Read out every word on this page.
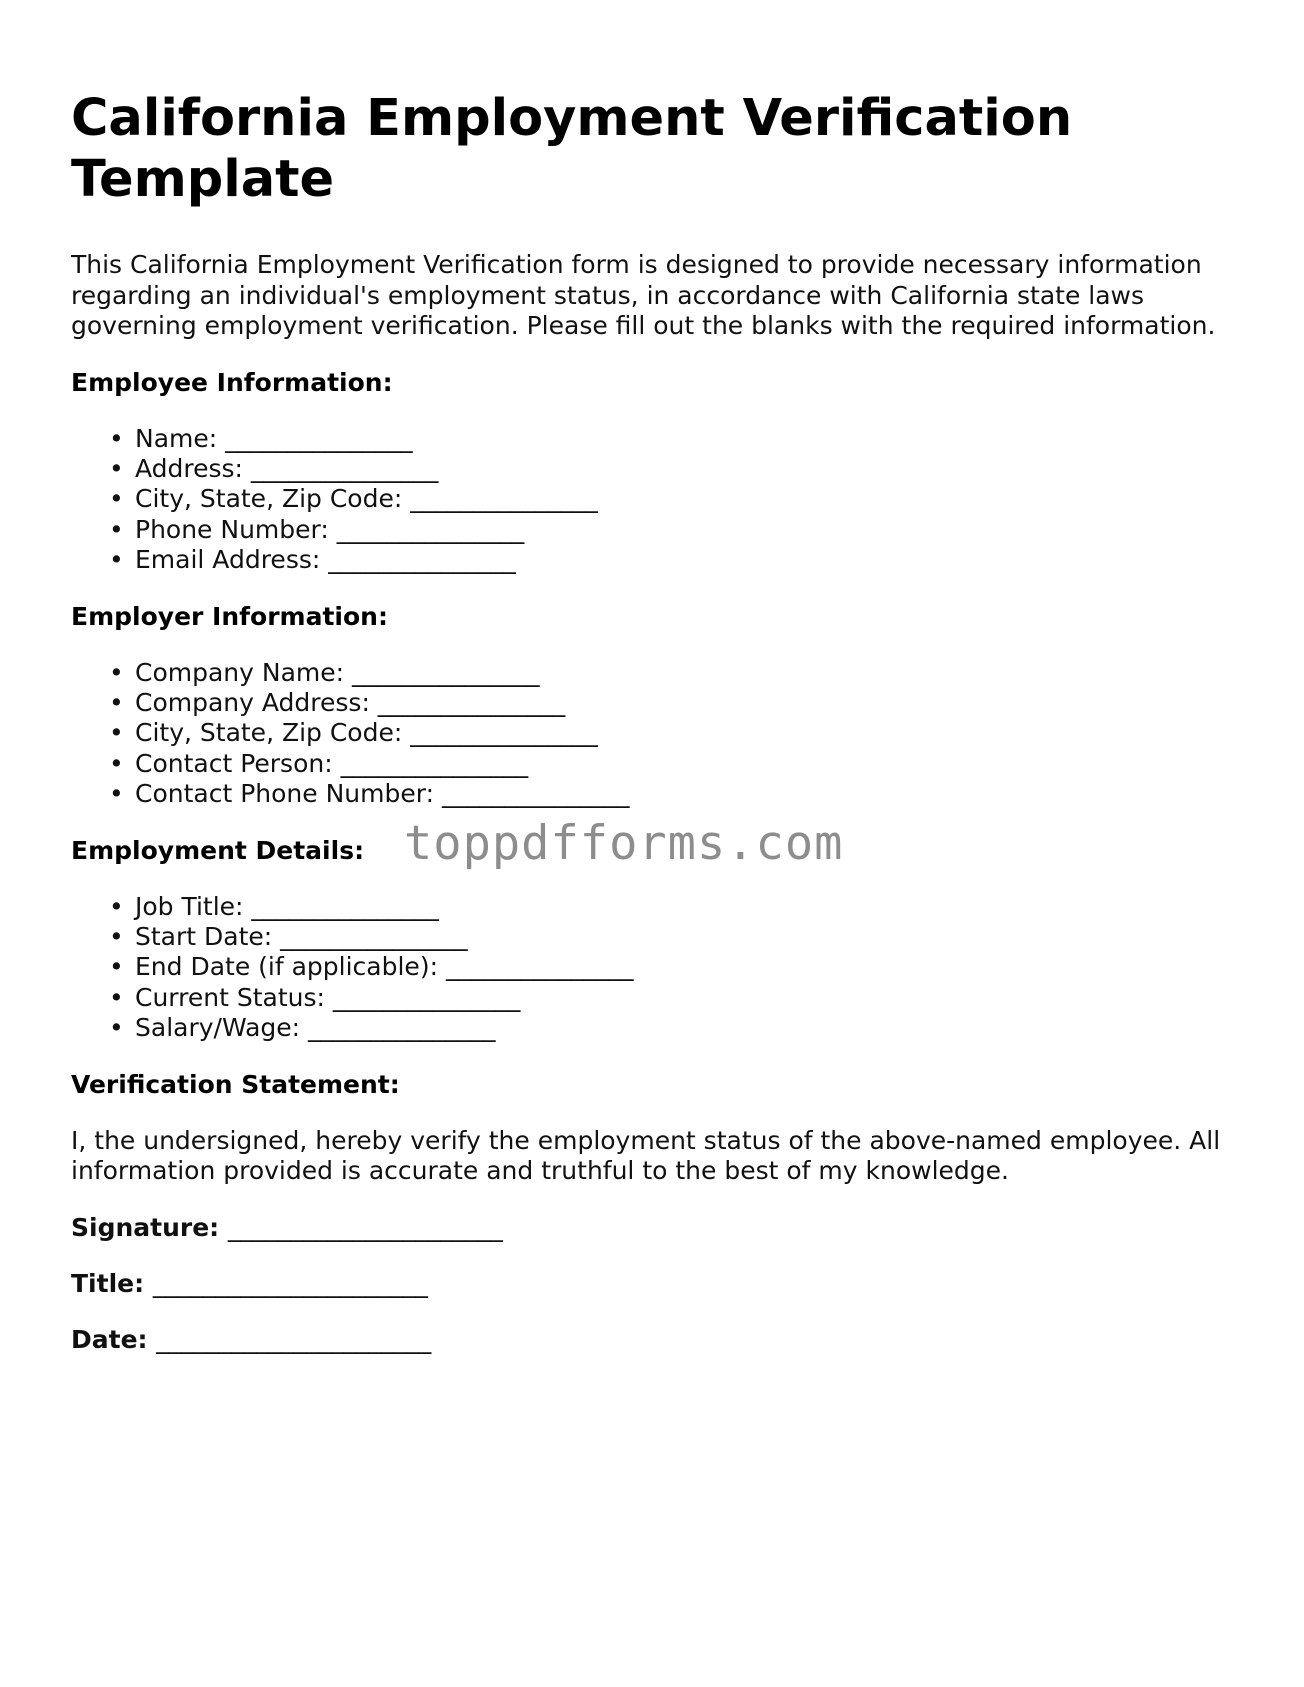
California Employment Verification Template

This California Employment Verification form is designed to provide necessary information regarding an individual's employment status, in accordance with California state laws governing employment verification. Please fill out the blanks with the required information.

Employee Information:
• Name: _______________
• Address: _______________
• City, State, Zip Code: _______________
• Phone Number: _______________
• Email Address: _______________
Employer Information:
• Company Name: _______________
• Company Address: _______________
• City, State, Zip Code: _______________
• Contact Person: _______________
• Contact Phone Number: _______________
Employment Details:
• Job Title: _______________
• Start Date: _______________
• End Date (if applicable): _______________
• Current Status: _______________
• Salary/Wage: _______________
Verification Statement:

I, the undersigned, hereby verify the employment status of the above-named employee. All information provided is accurate and truthful to the best of my knowledge.

Signature: ______________________
Title: ______________________
Date: ______________________
toppdfforms.com
